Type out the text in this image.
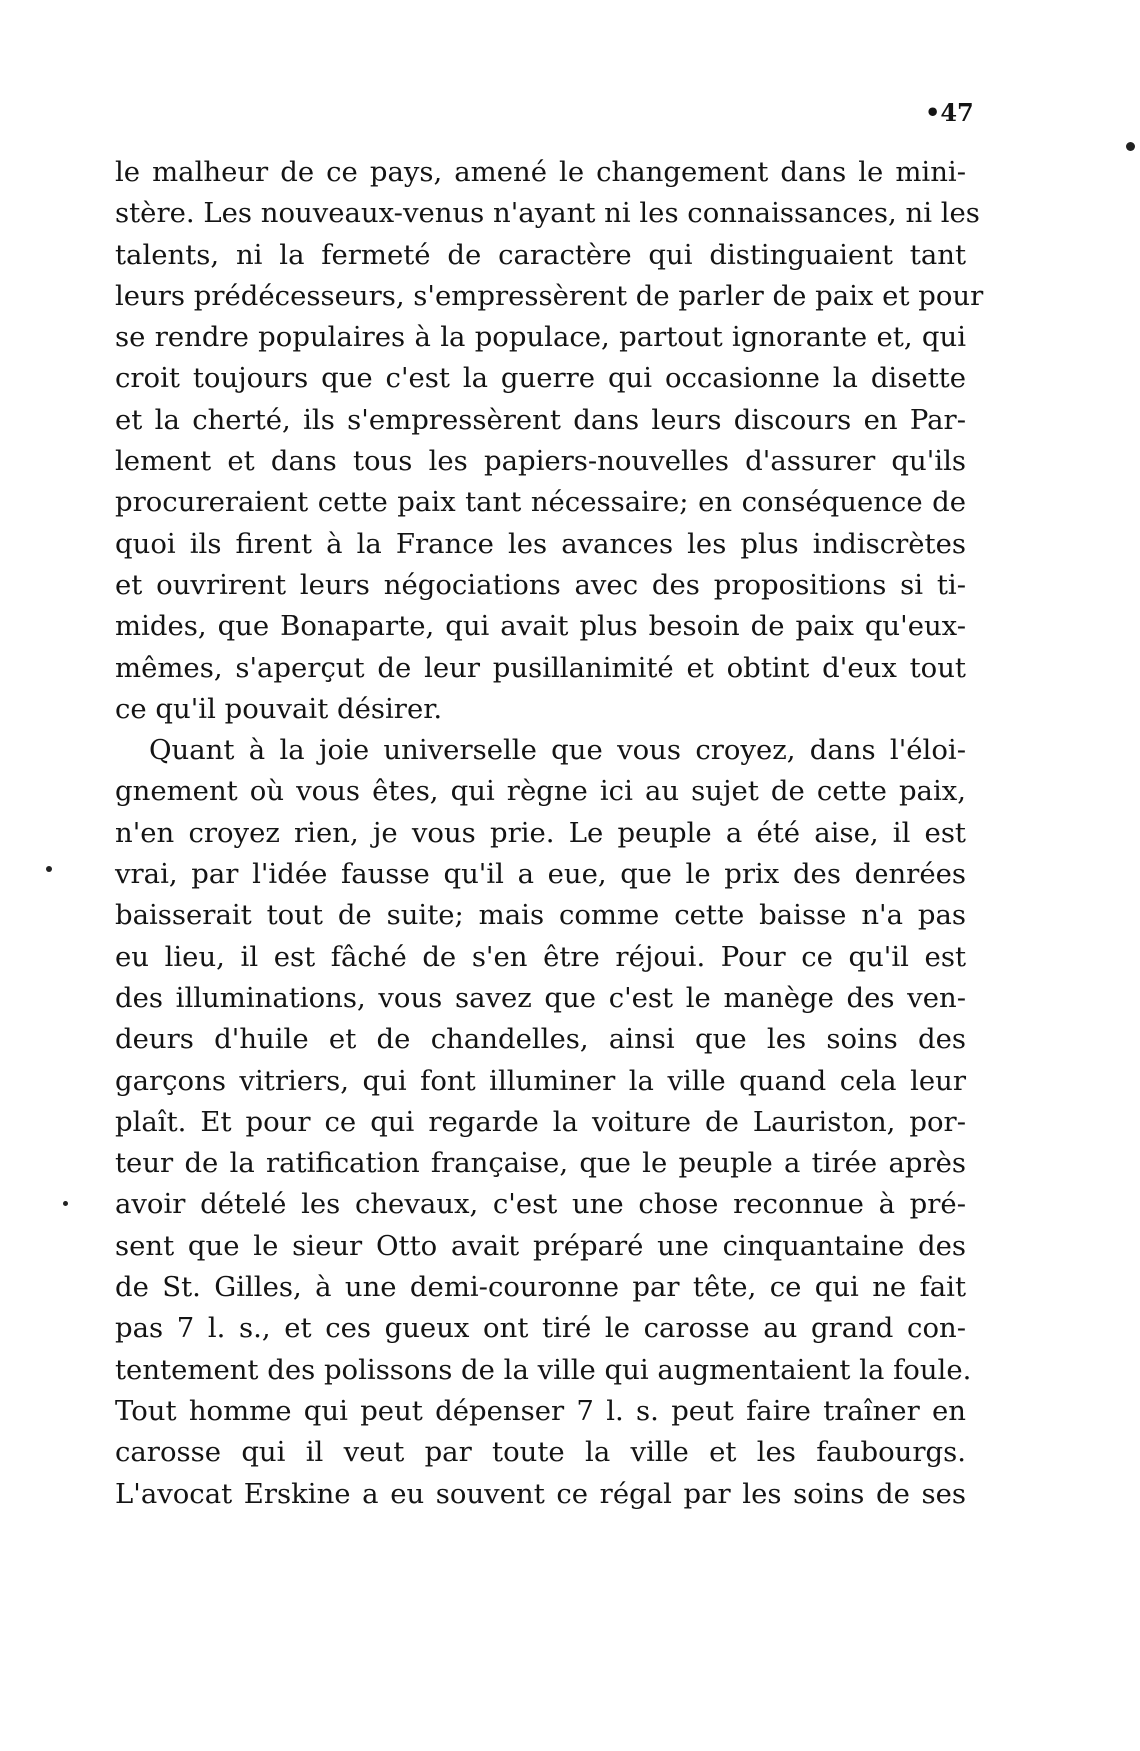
•47
le malheur de ce pays, amené le changement dans le mini-
stère. Les nouveaux-venus n'ayant ni les connaissances, ni les
talents, ni la fermeté de caractère qui distinguaient tant
leurs prédécesseurs, s'empressèrent de parler de paix et pour
se rendre populaires à la populace, partout ignorante et, qui
croit toujours que c'est la guerre qui occasionne la disette
et la cherté, ils s'empressèrent dans leurs discours en Par-
lement et dans tous les papiers-nouvelles d'assurer qu'ils
procureraient cette paix tant nécessaire; en conséquence de
quoi ils firent à la France les avances les plus indiscrètes
et ouvrirent leurs négociations avec des propositions si ti-
mides, que Bonaparte, qui avait plus besoin de paix qu'eux-
mêmes, s'aperçut de leur pusillanimité et obtint d'eux tout
ce qu'il pouvait désirer.
Quant à la joie universelle que vous croyez, dans l'éloi-
gnement où vous êtes, qui règne ici au sujet de cette paix,
n'en croyez rien, je vous prie. Le peuple a été aise, il est
vrai, par l'idée fausse qu'il a eue, que le prix des denrées
baisserait tout de suite; mais comme cette baisse n'a pas
eu lieu, il est fâché de s'en être réjoui. Pour ce qu'il est
des illuminations, vous savez que c'est le manège des ven-
deurs d'huile et de chandelles, ainsi que les soins des
garçons vitriers, qui font illuminer la ville quand cela leur
plaît. Et pour ce qui regarde la voiture de Lauriston, por-
teur de la ratification française, que le peuple a tirée après
avoir dételé les chevaux, c'est une chose reconnue à pré-
sent que le sieur Otto avait préparé une cinquantaine des
de St. Gilles, à une demi-couronne par tête, ce qui ne fait
pas 7 l. s., et ces gueux ont tiré le carosse au grand con-
tentement des polissons de la ville qui augmentaient la foule.
Tout homme qui peut dépenser 7 l. s. peut faire traîner en
carosse qui il veut par toute la ville et les faubourgs.
L'avocat Erskine a eu souvent ce régal par les soins de ses
